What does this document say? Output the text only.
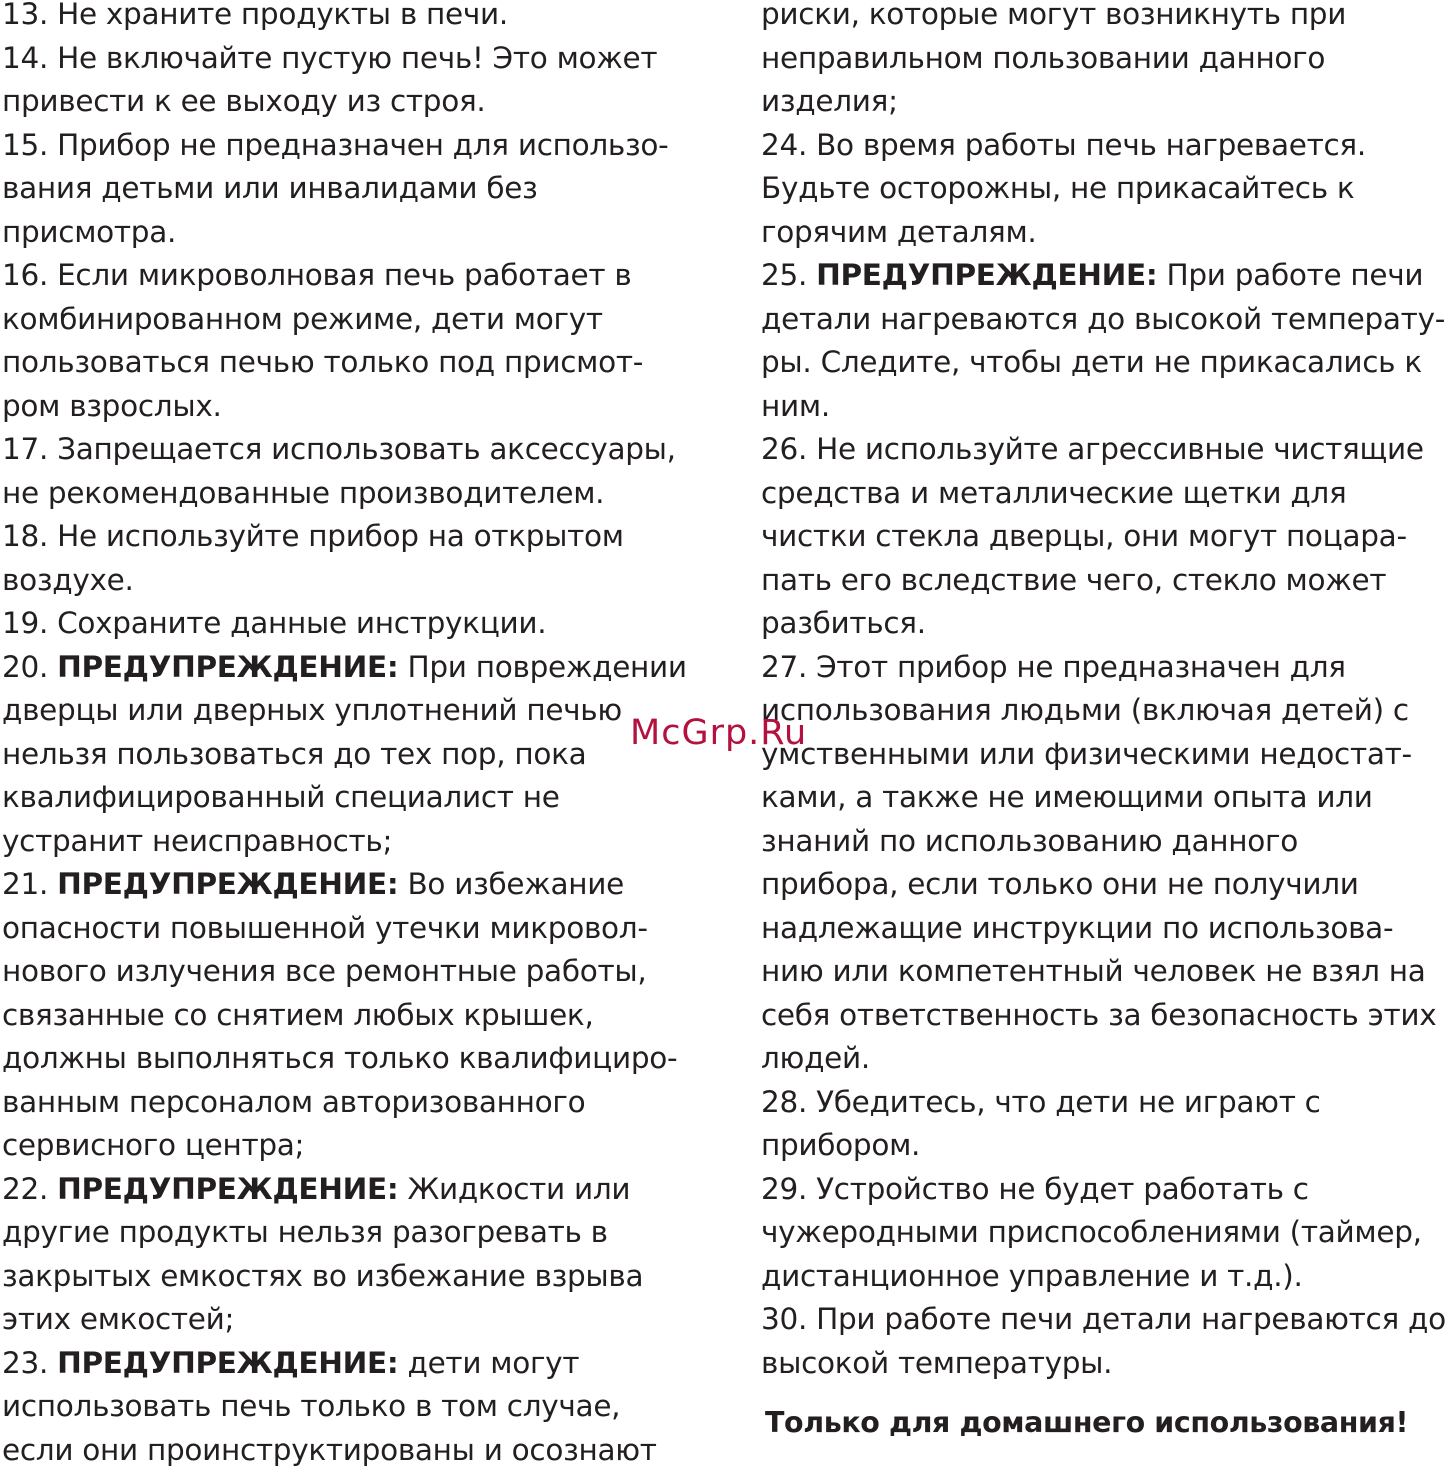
13. Не храните продукты в печи.
14. Не включайте пустую печь! Это может
привести к ее выходу из строя.
15. Прибор не предназначен для использо-
вания детьми или инвалидами без
присмотра.
16. Если микроволновая печь работает в
комбинированном режиме, дети могут
пользоваться печью только под присмот-
ром взрослых.
17. Запрещается использовать аксессуары,
не рекомендованные производителем.
18. Не используйте прибор на открытом
воздухе.
19. Сохраните данные инструкции.
20. ПРЕДУПРЕЖДЕНИЕ: При повреждении
дверцы или дверных уплотнений печью
нельзя пользоваться до тех пор, пока
квалифицированный специалист не
устранит неисправность;
21. ПРЕДУПРЕЖДЕНИЕ: Во избежание
опасности повышенной утечки микровол-
нового излучения все ремонтные работы,
связанные со снятием любых крышек,
должны выполняться только квалифициро-
ванным персоналом авторизованного
сервисного центра;
22. ПРЕДУПРЕЖДЕНИЕ: Жидкости или
другие продукты нельзя разогревать в
закрытых емкостях во избежание взрыва
этих емкостей;
23. ПРЕДУПРЕЖДЕНИЕ: дети могут
использовать печь только в том случае,
если они проинструктированы и осознают
риски, которые могут возникнуть при
неправильном пользовании данного
изделия;
24. Во время работы печь нагревается.
Будьте осторожны, не прикасайтесь к
горячим деталям.
25. ПРЕДУПРЕЖДЕНИЕ: При работе печи
детали нагреваются до высокой температу-
ры. Следите, чтобы дети не прикасались к
ним.
26. Не используйте агрессивные чистящие
средства и металлические щетки для
чистки стекла дверцы, они могут поцара-
пать его вследствие чего, стекло может
разбиться.
27. Этот прибор не предназначен для
использования людьми (включая детей) с
умственными или физическими недостат-
ками, а также не имеющими опыта или
знаний по использованию данного
прибора, если только они не получили
надлежащие инструкции по использова-
нию или компетентный человек не взял на
себя ответственность за безопасность этих
людей.
28. Убедитесь, что дети не играют с
прибором.
29. Устройство не будет работать с
чужеродными приспособлениями (таймер,
дистанционное управление и т.д.).
30. При работе печи детали нагреваются до
высокой температуры.
Только для домашнего использования!
McGrp.Ru
